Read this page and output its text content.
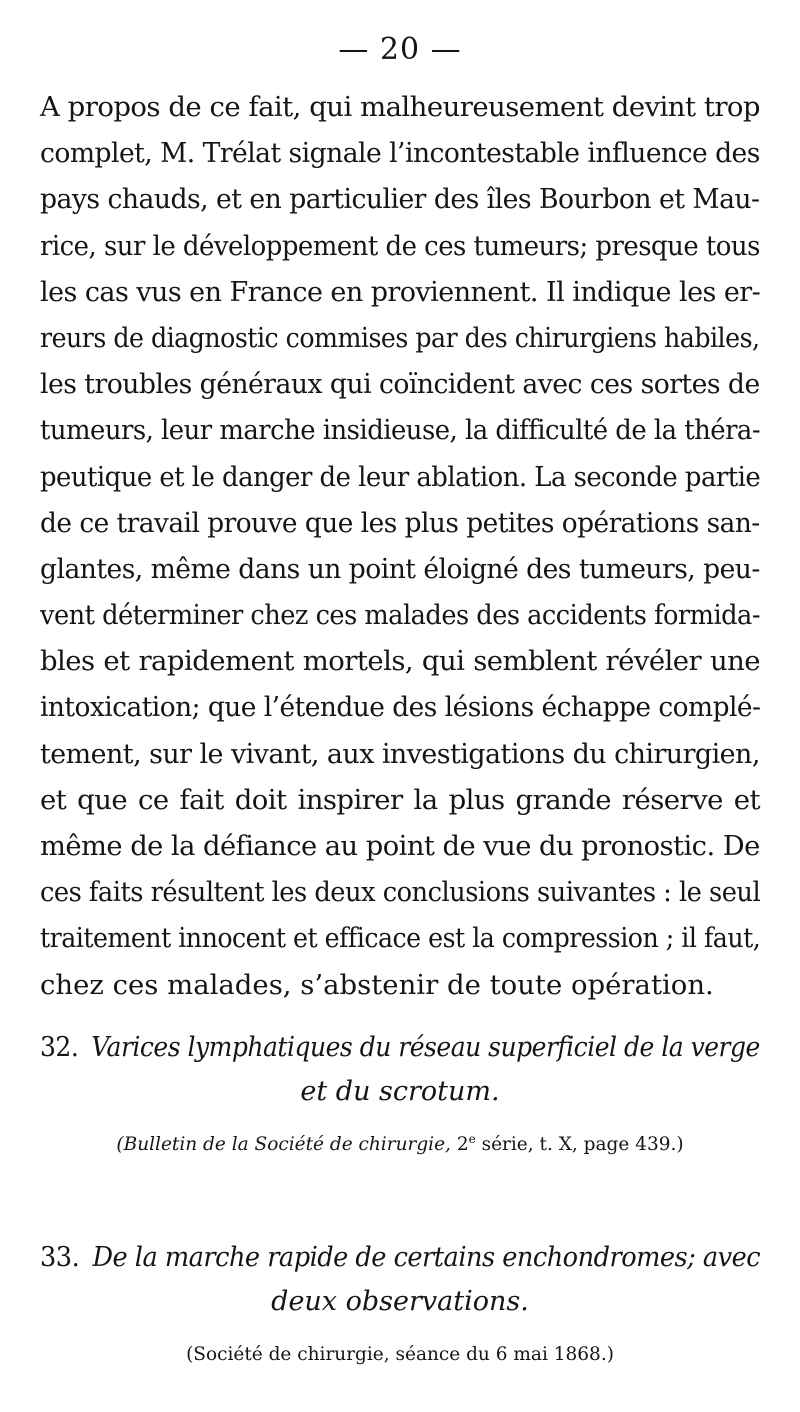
— 20 —
A propos de ce fait, qui malheureusement devint trop
complet, M. Trélat signale l’incontestable influence des
pays chauds, et en particulier des îles Bourbon et Mau-
rice, sur le développement de ces tumeurs; presque tous
les cas vus en France en proviennent. Il indique les er-
reurs de diagnostic commises par des chirurgiens habiles,
les troubles généraux qui coïncident avec ces sortes de
tumeurs, leur marche insidieuse, la difficulté de la théra-
peutique et le danger de leur ablation. La seconde partie
de ce travail prouve que les plus petites opérations san-
glantes, même dans un point éloigné des tumeurs, peu-
vent déterminer chez ces malades des accidents formida-
bles et rapidement mortels, qui semblent révéler une
intoxication; que l’étendue des lésions échappe complé-
tement, sur le vivant, aux investigations du chirurgien,
et que ce fait doit inspirer la plus grande réserve et
même de la défiance au point de vue du pronostic. De
ces faits résultent les deux conclusions suivantes : le seul
traitement innocent et efficace est la compression ; il faut,
chez ces malades, s’abstenir de toute opération.
32. Varices lymphatiques du réseau superficiel de la verge
et du scrotum.
(Bulletin de la Société de chirurgie, 2e série, t. X, page 439.)
33. De la marche rapide de certains enchondromes; avec
deux observations.
(Société de chirurgie, séance du 6 mai 1868.)
